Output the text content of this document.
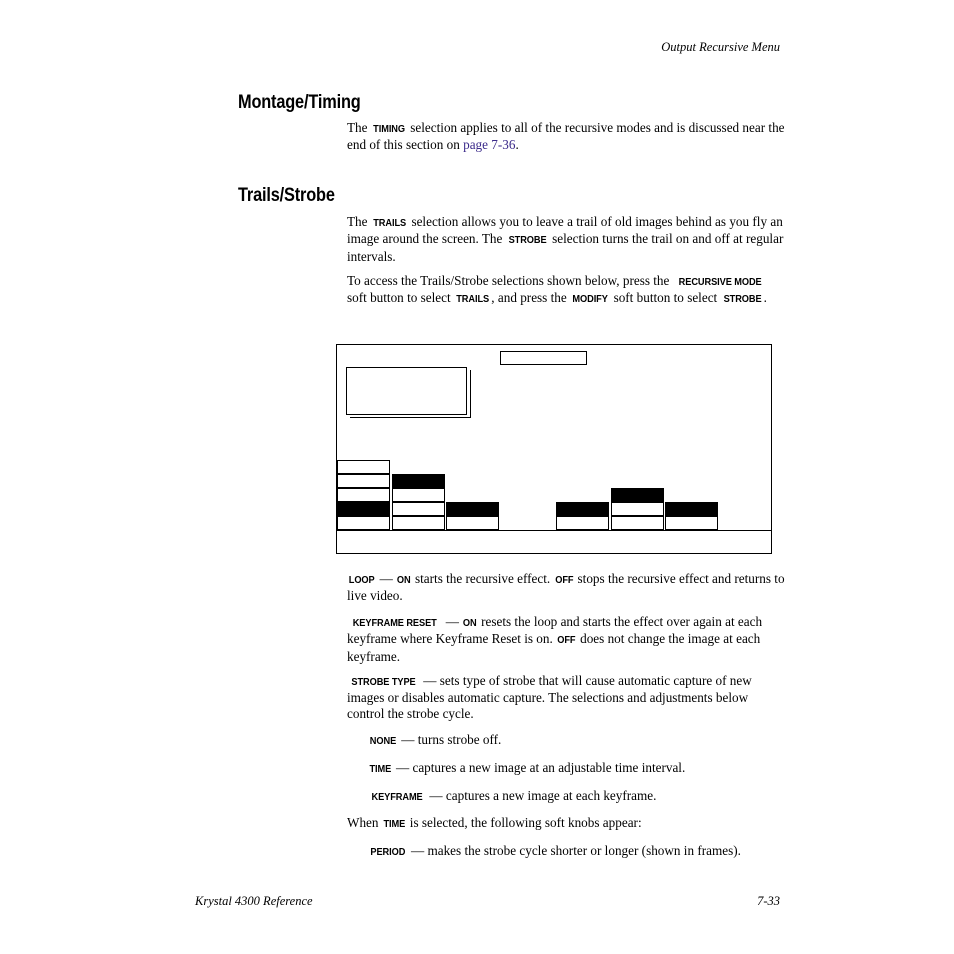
Output Recursive Menu
Montage/Timing
The TIMING selection applies to all of the recursive modes and is discussed near the end of this section on page 7-36.
Trails/Strobe
The TRAILS selection allows you to leave a trail of old images behind as you fly an image around the screen. The STROBE selection turns the trail on and off at regular intervals.
To access the Trails/Strobe selections shown below, press the RECURSIVE MODE soft button to select TRAILS , and press the MODIFY soft button to select STROBE .
LOOP — ON starts the recursive effect. OFF stops the recursive effect and returns to live video.
KEYFRAME RESET — ON resets the loop and starts the effect over again at each keyframe where Keyframe Reset is on. OFF does not change the image at each keyframe.
STROBE TYPE — sets type of strobe that will cause automatic capture of new images or disables automatic capture. The selections and adjustments below control the strobe cycle.
NONE — turns strobe off.
TIME — captures a new image at an adjustable time interval.
KEYFRAME — captures a new image at each keyframe.
When TIME is selected, the following soft knobs appear:
PERIOD — makes the strobe cycle shorter or longer (shown in frames).
Krystal 4300 Reference	7-33
